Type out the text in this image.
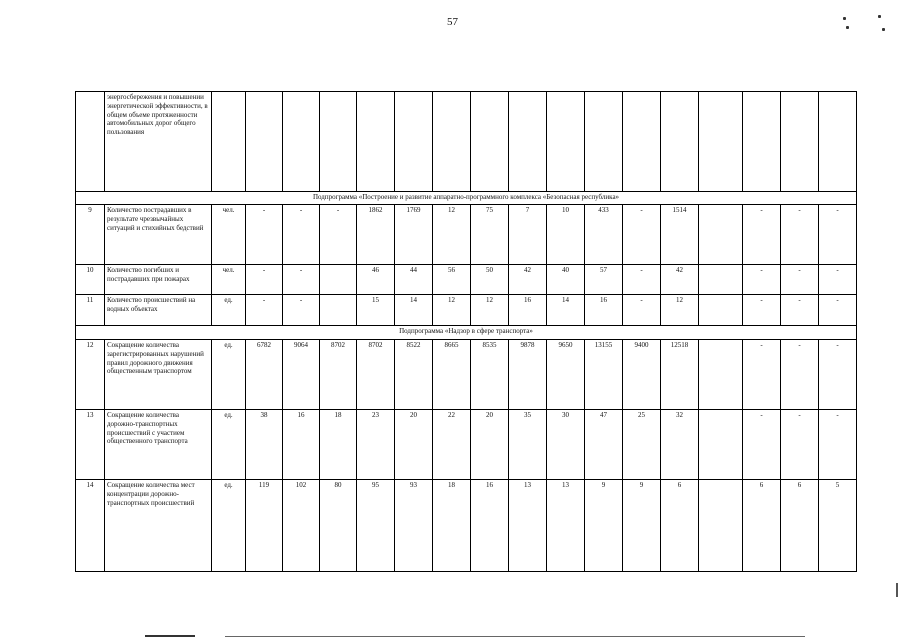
57
	энергосбережения и повышении энергетической эффективности, в общем объеме протяженности автомобильных дорог общего пользования																	
Подпрограмма «Построение и развитие аппаратно-программного комплекса «Безопасная республика»																		
9	Количество пострадавших в результате чрезвычайных ситуаций и стихийных бедствий	чел.	-	-	-	1862	1769	12	75	7	10	433	-	1514		-	-	-
10	Количество погибших и пострадавших при пожарах	чел.	-	-		46	44	56	50	42	40	57	-	42		-	-	-
11	Количество происшествий на водных объектах	ед.	-	-		15	14	12	12	16	14	16	-	12		-	-	-
Подпрограмма «Надзор в сфере транспорта»																		
12	Сокращение количества зарегистрированных нарушений правил дорожного движения общественным транспортом	ед.	6782	9064	8702	8702	8522	8665	8535	9878	9650	13155	9400	12518		-	-	-
13	Сокращение количества дорожно-транспортных происшествий с участием общественного транспорта	ед.	38	16	18	23	20	22	20	35	30	47	25	32		-	-	-
14	Сокращение количества мест концентрации дорожно-транспортных происшествий	ед.	119	102	80	95	93	18	16	13	13	9	9	6		6	6	5
